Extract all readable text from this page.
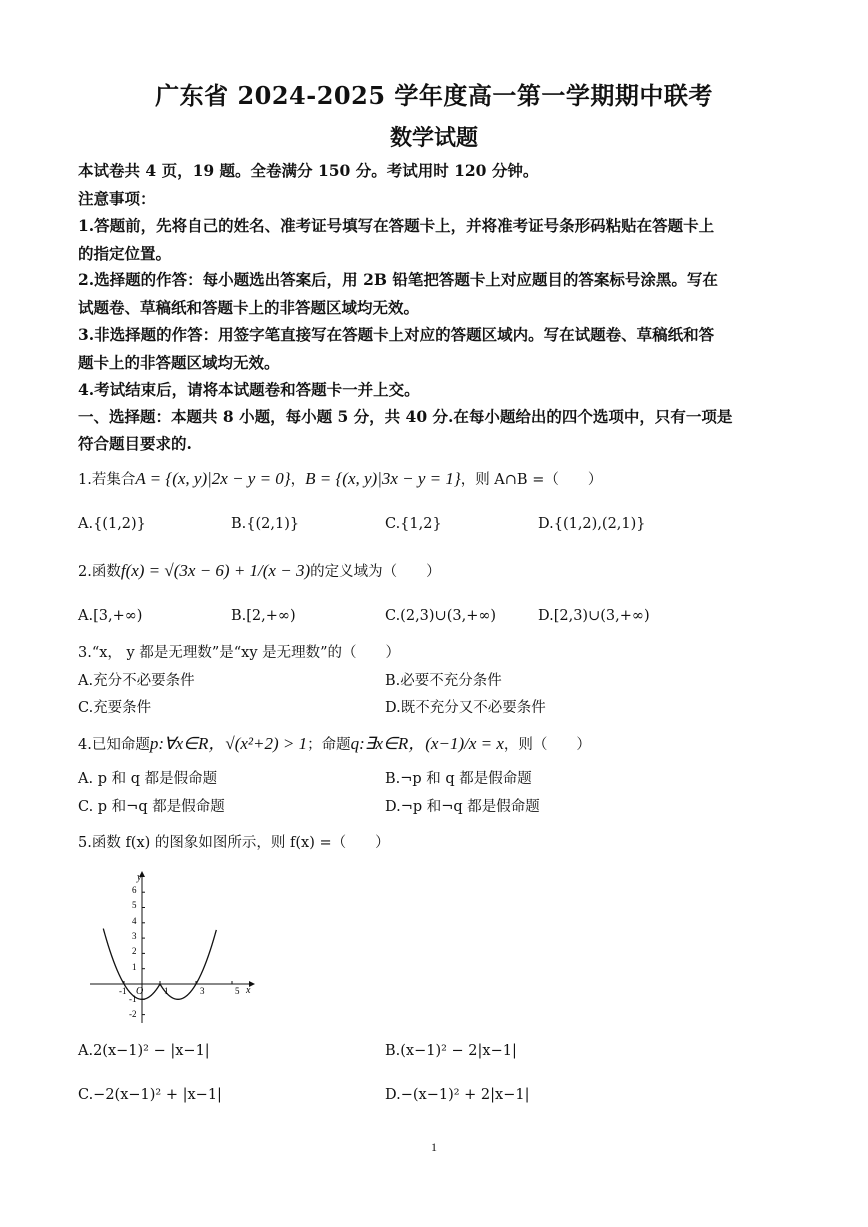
广东省 2024-2025 学年度高一第一学期期中联考
数学试题
本试卷共 4 页，19 题。全卷满分 150 分。考试用时 120 分钟。
注意事项：
1.答题前，先将自己的姓名、准考证号填写在答题卡上，并将准考证号条形码粘贴在答题卡上
的指定位置。
2.选择题的作答：每小题选出答案后，用 2B 铅笔把答题卡上对应题目的答案标号涂黑。写在
试题卷、草稿纸和答题卡上的非答题区域均无效。
3.非选择题的作答：用签字笔直接写在答题卡上对应的答题区域内。写在试题卷、草稿纸和答
题卡上的非答题区域均无效。
4.考试结束后，请将本试题卷和答题卡一并上交。
一、选择题：本题共 8 小题，每小题 5 分，共 40 分.在每小题给出的四个选项中，只有一项是
符合题目要求的.
1.若集合A = {(x, y)|2x − y = 0}，B = {(x, y)|3x − y = 1}，则 A∩B =（　　）
A.{(1,2)}	B.{(2,1)}	C.{1,2}	D.{(1,2),(2,1)}
2.函数f(x) = √(3x − 6) + 1/(x − 3)的定义域为（　　）
A.[3,+∞)	B.[2,+∞)	C.(2,3)∪(3,+∞)	D.[2,3)∪(3,+∞)
3.“x， y 都是无理数”是“xy 是无理数”的（　　）
A.充分不必要条件	B.必要不充分条件
C.充要条件	D.既不充分又不必要条件
4.已知命题p:∀x∈R，√(x²+2) > 1；命题q:∃x∈R，(x−1)/x = x，则（　　）
A. p 和 q 都是假命题	B.¬p 和 q 都是假命题
C. p 和¬q 都是假命题	D.¬p 和¬q 都是假命题
5.函数 f(x) 的图象如图所示，则 f(x) =（　　）
y
x
O
-1	1	3	5
6
5
4
3
2
1
-1
-2
A.2(x−1)² − |x−1|	B.(x−1)² − 2|x−1|
C.−2(x−1)² + |x−1|	D.−(x−1)² + 2|x−1|
1
